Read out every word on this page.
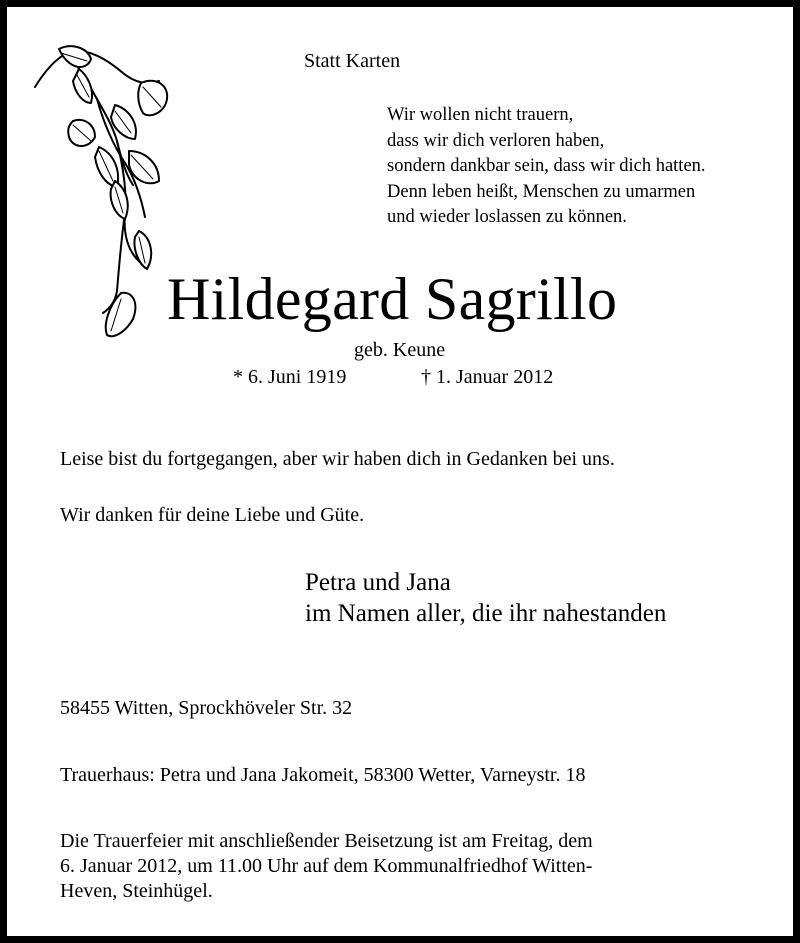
Statt Karten
Wir wollen nicht trauern,
dass wir dich verloren haben,
sondern dankbar sein, dass wir dich hatten.
Denn leben heißt, Menschen zu umarmen
und wieder loslassen zu können.
Hildegard Sagrillo
geb. Keune
* 6. Juni 1919	† 1. Januar 2012
Leise bist du fortgegangen, aber wir haben dich in Gedanken bei uns.
Wir danken für deine Liebe und Güte.
Petra und Jana
im Namen aller, die ihr nahestanden
58455 Witten, Sprockhöveler Str. 32
Trauerhaus: Petra und Jana Jakomeit, 58300 Wetter, Varneystr. 18
Die Trauerfeier mit anschließender Beisetzung ist am Freitag, dem
6. Januar 2012, um 11.00 Uhr auf dem Kommunalfriedhof Witten-
Heven, Steinhügel.
